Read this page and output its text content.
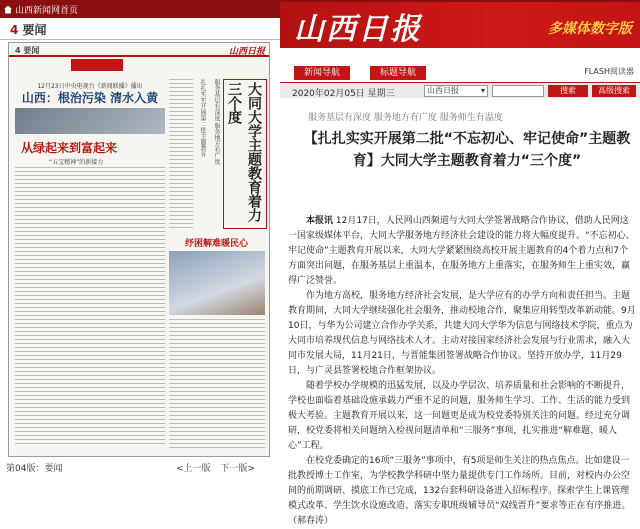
山西新闻网首页
山西日报	多媒体数字版
4 要闻
4 要闻	山西日报
12月23日中央电视台《新闻联播》播出
山西：根治污染 清水入黄
从绿起来到富起来
“五宝精神”的新接力
扎扎实实开展第二批主题教育	服务基层有深度 服务地方有广度	大同大学主题教育着力三个度
纾困解难暖民心
第04版：要闻	<上一版 下一版>
新闻导航	标题导航	FLASH阅读器
2020年02月05日 星期三	山西日报 ▾	搜索	高级搜索
服务基层有深度 服务地方有广度 服务师生有温度
【扎扎实实开展第二批“不忘初心、牢记使命”主题教育】大同大学主题教育着力“三个度”

本报讯 12月17日，人民网山西频道与大同大学签署战略合作协议，借助人民网这一国家级媒体平台，大同大学服务地方经济社会建设的能力将大幅度提升。“不忘初心、牢记使命”主题教育开展以来，大同大学紧紧围绕高校开展主题教育的4个着力点和7个方面突出问题，在服务基层上重温本，在服务地方上重落实，在服务师生上重实效，赢得广泛赞誉。

作为地方高校，服务地方经济社会发展，是大学应有的办学方向和责任担当。主题教育期间，大同大学继续强化社会服务，推动校地合作，聚集应用转型改革新动能。9月10日，与华为公司建立合作办学关系，共建大同大学华为信息与网络技术学院，重点为大同市培养现代信息与网络技术人才。主动对接国家经济社会发展与行业需求，融入大同市发展大局，11月21日，与晋能集团签署战略合作协议。坚持开放办学，11月29日，与广灵县签署校地合作框架协议。

随着学校办学规模的迅猛发展，以及办学层次、培养质量和社会影响的不断提升，学校也面临着基础设施承载力严重不足的问题，服务师生学习、工作、生活的能力受到极大考验。主题教育开展以来，这一问题更是成为校党委特别关注的问题。经过充分调研，校党委将相关问题纳入检视问题清单和“三服务”事项，扎实推进“解难题、暖人心”工程。

在校党委确定的16项“三服务”事项中，有5项是师生关注的热点焦点。比如建设一批教授博士工作室，为学校教学科研中坚力量提供专门工作场所。目前，对校内办公空间的前期调研、摸底工作已完成，132台套科研设备进入招标程序。探索学生上课管理模式改革、学生饮水设施改造、落实专职班级辅导员“双线晋升”要求等正在有序推进。（郝春涛）
